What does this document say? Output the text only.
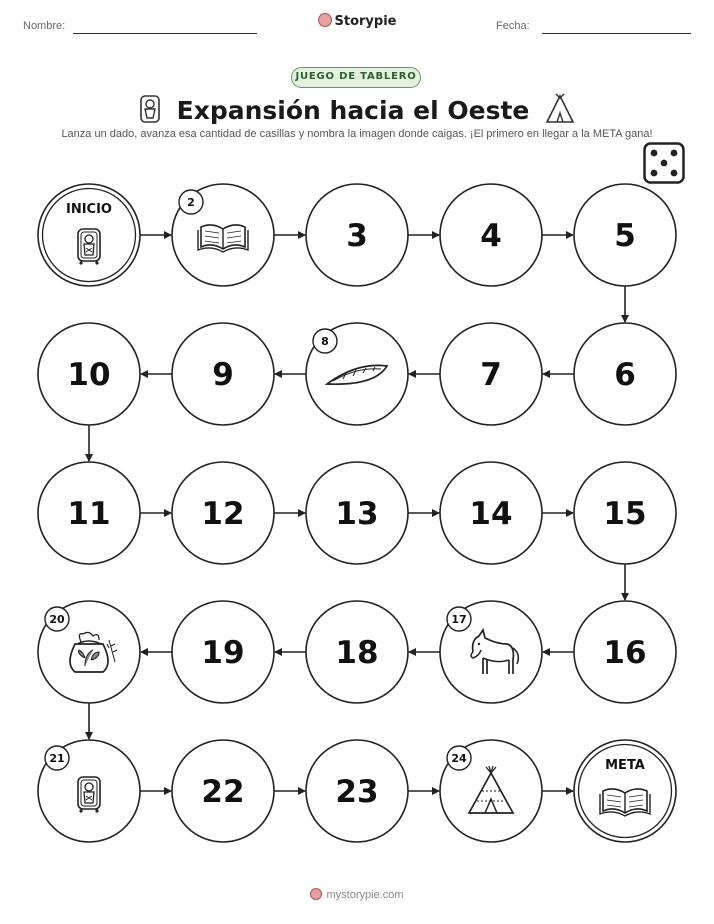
Nombre:	Storypie	Fecha:
JUEGO DE TABLERO
Expansión hacia el Oeste
Lanza un dado, avanza esa cantidad de casillas y nombra la imagen donde caigas. ¡El primero en llegar a la META gana!
INICIO	2
3	4	5
6
7
8
9
10
11	12	13	14	15
16
17
18
19
20
21
22	23
24	META
mystorypie.com
